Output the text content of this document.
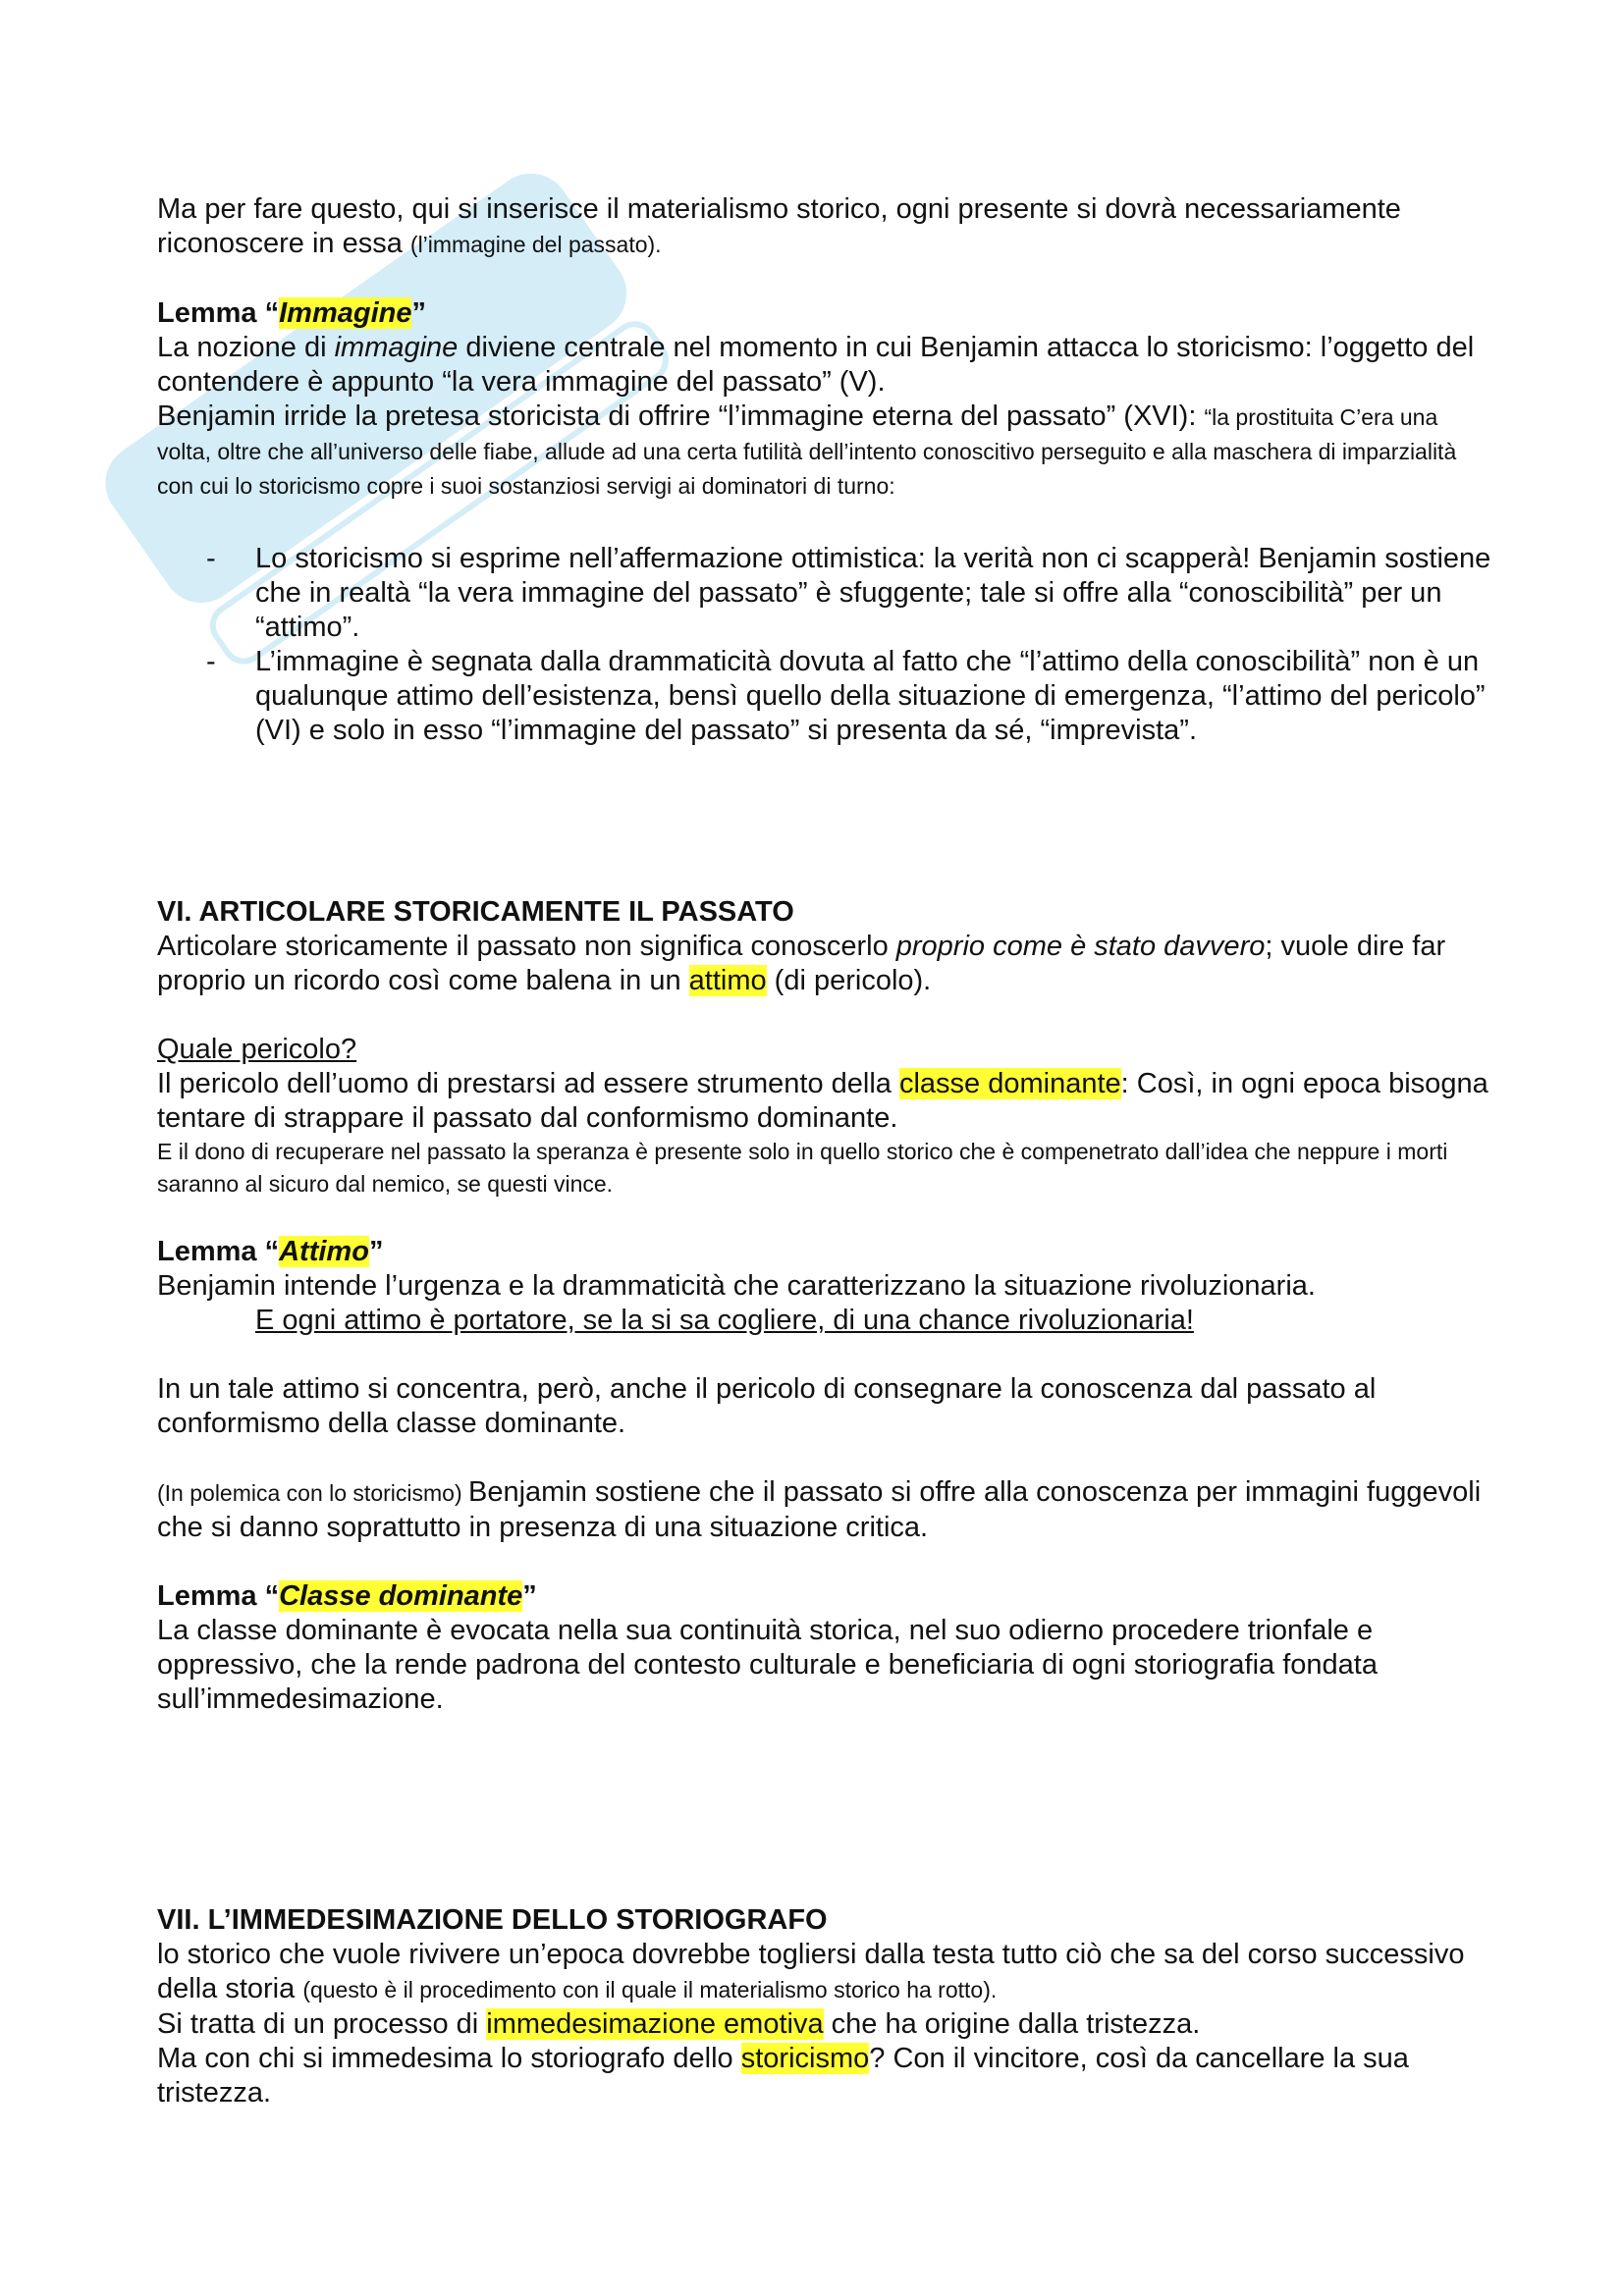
Ma per fare questo, qui si inserisce il materialismo storico, ogni presente si dovrà necessariamente riconoscere in essa (l’immagine del passato).

Lemma “Immagine”

La nozione di immagine diviene centrale nel momento in cui Benjamin attacca lo storicismo: l’oggetto del contendere è appunto “la vera immagine del passato” (V).

Benjamin irride la pretesa storicista di offrire “l’immagine eterna del passato” (XVI): “la prostituita C’era una volta, oltre che all’universo delle fiabe, allude ad una certa futilità dell’intento conoscitivo perseguito e alla maschera di imparzialità con cui lo storicismo copre i suoi sostanziosi servigi ai dominatori di turno:

- Lo storicismo si esprime nell’affermazione ottimistica: la verità non ci scapperà! Benjamin sostiene che in realtà “la vera immagine del passato” è sfuggente; tale si offre alla “conoscibilità” per un “attimo”.
- L’immagine è segnata dalla drammaticità dovuta al fatto che “l’attimo della conoscibilità” non è un qualunque attimo dell’esistenza, bensì quello della situazione di emergenza, “l’attimo del pericolo” (VI) e solo in esso “l’immagine del passato” si presenta da sé, “imprevista”.

VI. ARTICOLARE STORICAMENTE IL PASSATO

Articolare storicamente il passato non significa conoscerlo proprio come è stato davvero; vuole dire far proprio un ricordo così come balena in un attimo (di pericolo).

Quale pericolo?

Il pericolo dell’uomo di prestarsi ad essere strumento della classe dominante: Così, in ogni epoca bisogna tentare di strappare il passato dal conformismo dominante.

E il dono di recuperare nel passato la speranza è presente solo in quello storico che è compenetrato dall’idea che neppure i morti saranno al sicuro dal nemico, se questi vince.

Lemma “Attimo”

Benjamin intende l’urgenza e la drammaticità che caratterizzano la situazione rivoluzionaria.

E ogni attimo è portatore, se la si sa cogliere, di una chance rivoluzionaria!

In un tale attimo si concentra, però, anche il pericolo di consegnare la conoscenza dal passato al conformismo della classe dominante.

(In polemica con lo storicismo) Benjamin sostiene che il passato si offre alla conoscenza per immagini fuggevoli che si danno soprattutto in presenza di una situazione critica.

Lemma “Classe dominante”

La classe dominante è evocata nella sua continuità storica, nel suo odierno procedere trionfale e oppressivo, che la rende padrona del contesto culturale e beneficiaria di ogni storiografia fondata sull’immedesimazione.

VII. L’IMMEDESIMAZIONE DELLO STORIOGRAFO

lo storico che vuole rivivere un’epoca dovrebbe togliersi dalla testa tutto ciò che sa del corso successivo della storia (questo è il procedimento con il quale il materialismo storico ha rotto).

Si tratta di un processo di immedesimazione emotiva che ha origine dalla tristezza.

Ma con chi si immedesima lo storiografo dello storicismo? Con il vincitore, così da cancellare la sua tristezza.
